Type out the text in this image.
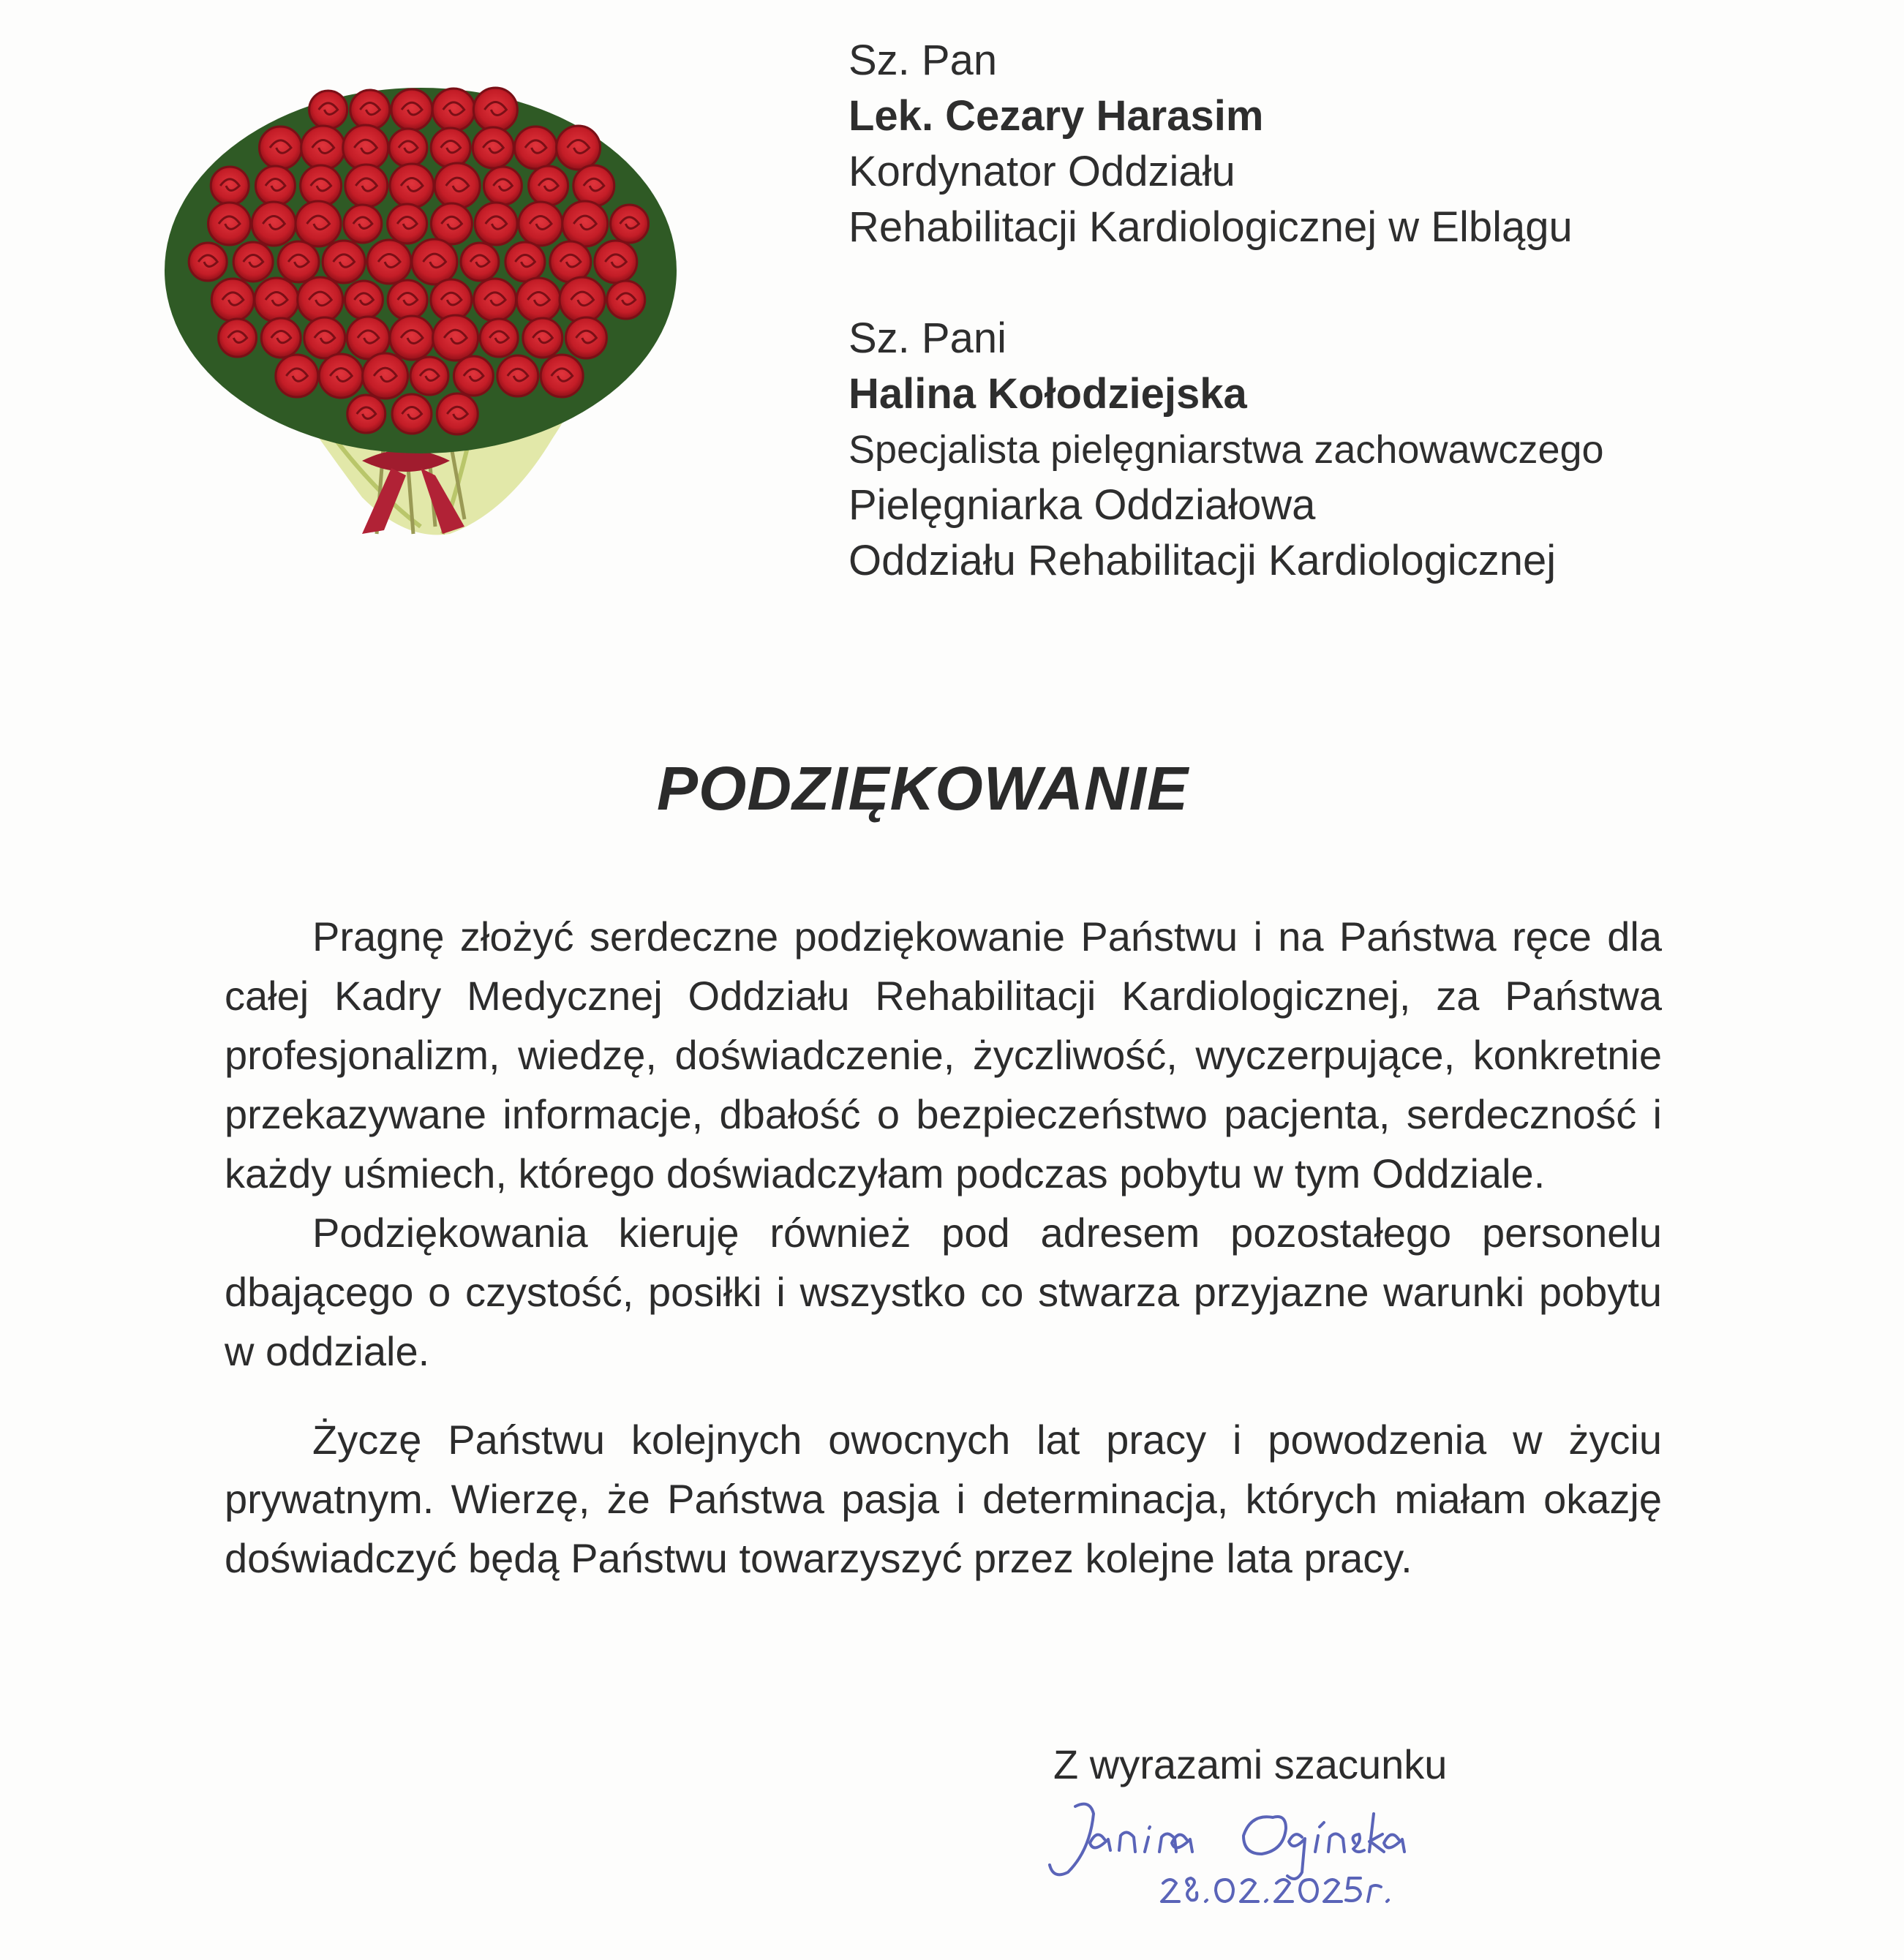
Sz. Pan
Lek. Cezary Harasim
Kordynator Oddziału
Rehabilitacji Kardiologicznej w Elblągu
Sz. Pani
Halina Kołodziejska
Specjalista pielęgniarstwa zachowawczego
Pielęgniarka Oddziałowa
Oddziału Rehabilitacji Kardiologicznej
PODZIĘKOWANIE

Pragnę złożyć serdeczne podziękowanie Państwu i na Państwa ręce dla całej Kadry Medycznej Oddziału Rehabilitacji Kardiologicznej, za Państwa profesjonalizm, wiedzę, doświadczenie, życzliwość, wyczerpujące, konkretnie przekazywane informacje, dbałość o bezpieczeństwo pacjenta, serdeczność i każdy uśmiech, którego doświadczyłam podczas pobytu w tym Oddziale.

Podziękowania kieruję również pod adresem pozostałego personelu dbającego o czystość, posiłki i wszystko co stwarza przyjazne warunki pobytu w oddziale.

Życzę Państwu kolejnych owocnych lat pracy i powodzenia w życiu prywatnym. Wierzę, że Państwa pasja i determinacja, których miałam okazję doświadczyć będą Państwu towarzyszyć przez kolejne lata pracy.

Z wyrazami szacunku
